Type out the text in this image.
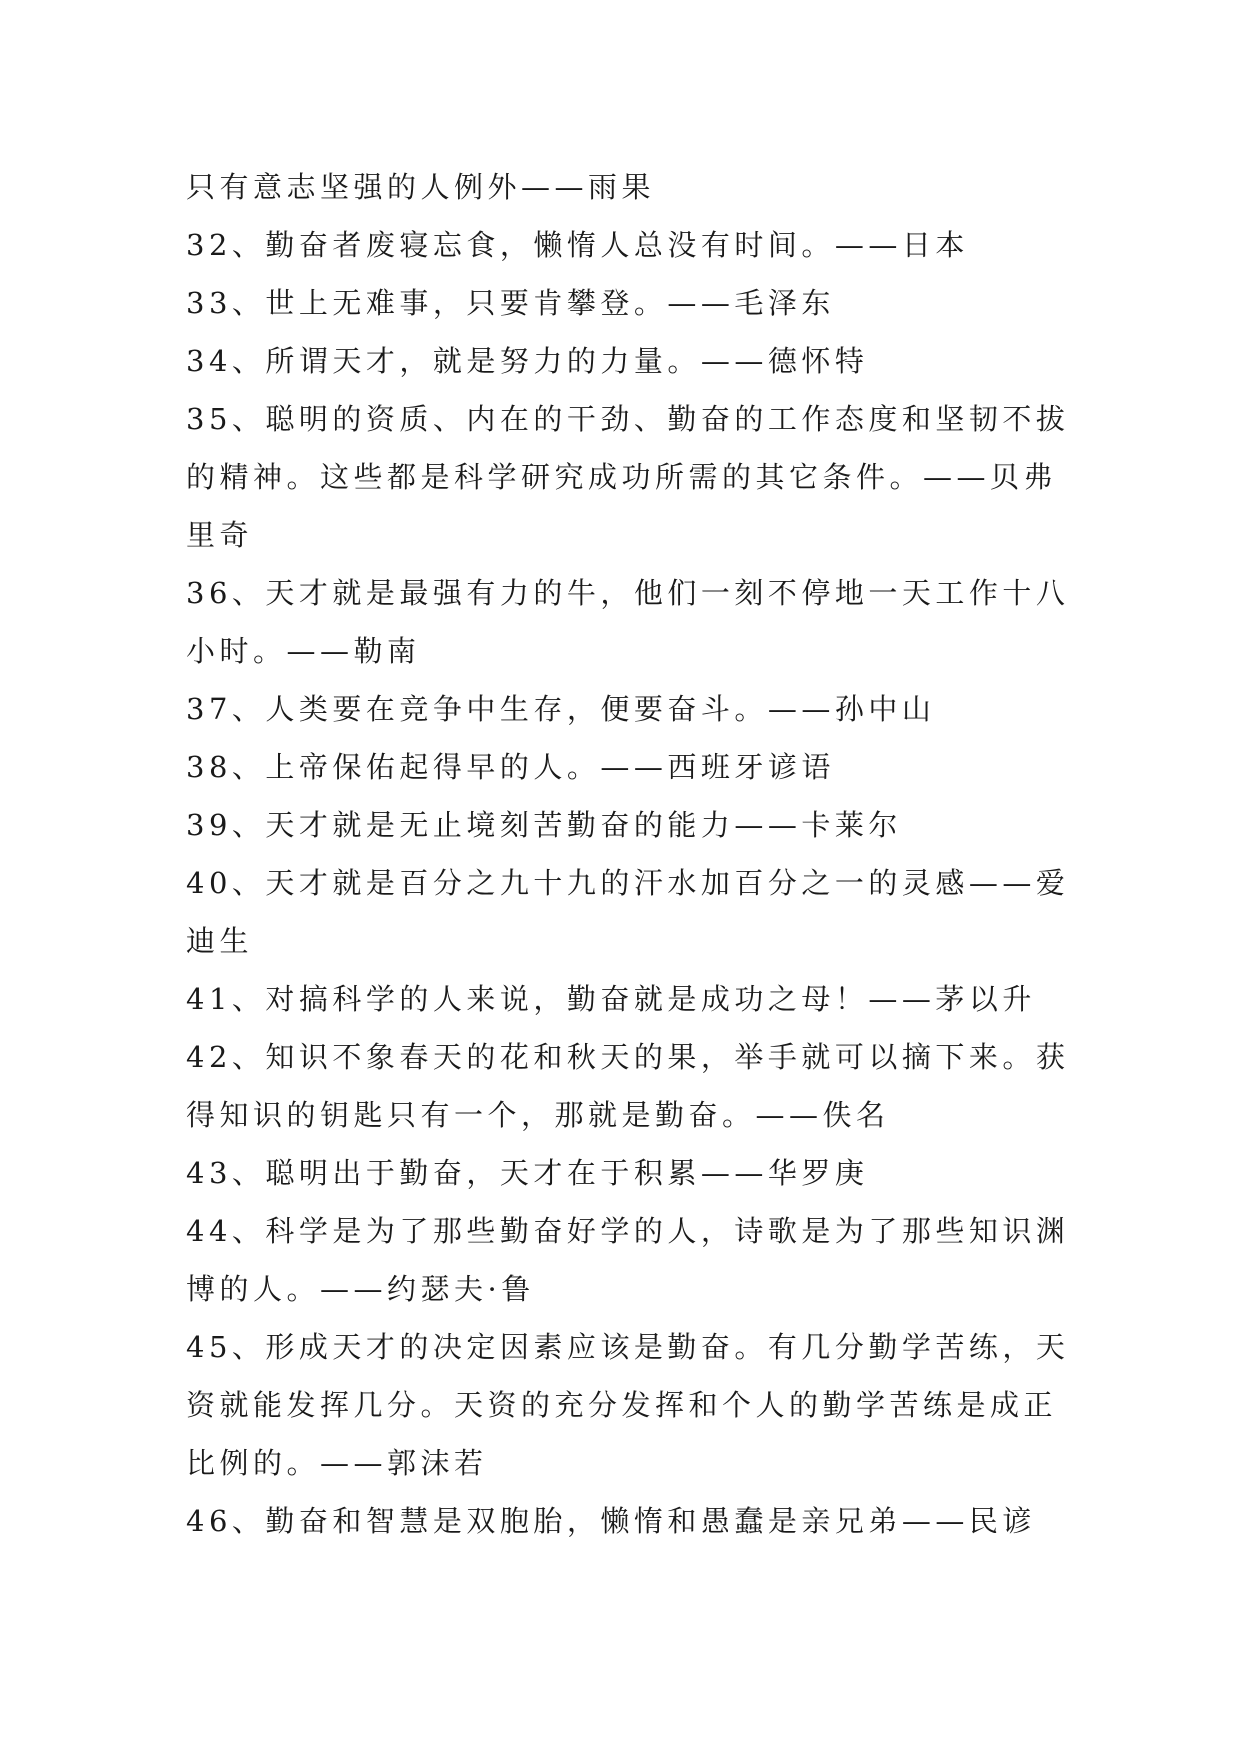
只有意志坚强的人例外——雨果

32、勤奋者废寝忘食，懒惰人总没有时间。——日本

33、世上无难事，只要肯攀登。——毛泽东

34、所谓天才，就是努力的力量。——德怀特

35、聪明的资质、内在的干劲、勤奋的工作态度和坚韧不拔
的精神。这些都是科学研究成功所需的其它条件。——贝弗
里奇

36、天才就是最强有力的牛，他们一刻不停地一天工作十八
小时。——勒南

37、人类要在竞争中生存，便要奋斗。——孙中山

38、上帝保佑起得早的人。——西班牙谚语

39、天才就是无止境刻苦勤奋的能力——卡莱尔

40、天才就是百分之九十九的汗水加百分之一的灵感——爱
迪生

41、对搞科学的人来说，勤奋就是成功之母！——茅以升

42、知识不象春天的花和秋天的果，举手就可以摘下来。获
得知识的钥匙只有一个，那就是勤奋。——佚名

43、聪明出于勤奋，天才在于积累——华罗庚

44、科学是为了那些勤奋好学的人，诗歌是为了那些知识渊
博的人。——约瑟夫·鲁

45、形成天才的决定因素应该是勤奋。有几分勤学苦练，天
资就能发挥几分。天资的充分发挥和个人的勤学苦练是成正
比例的。——郭沫若

46、勤奋和智慧是双胞胎，懒惰和愚蠢是亲兄弟——民谚
